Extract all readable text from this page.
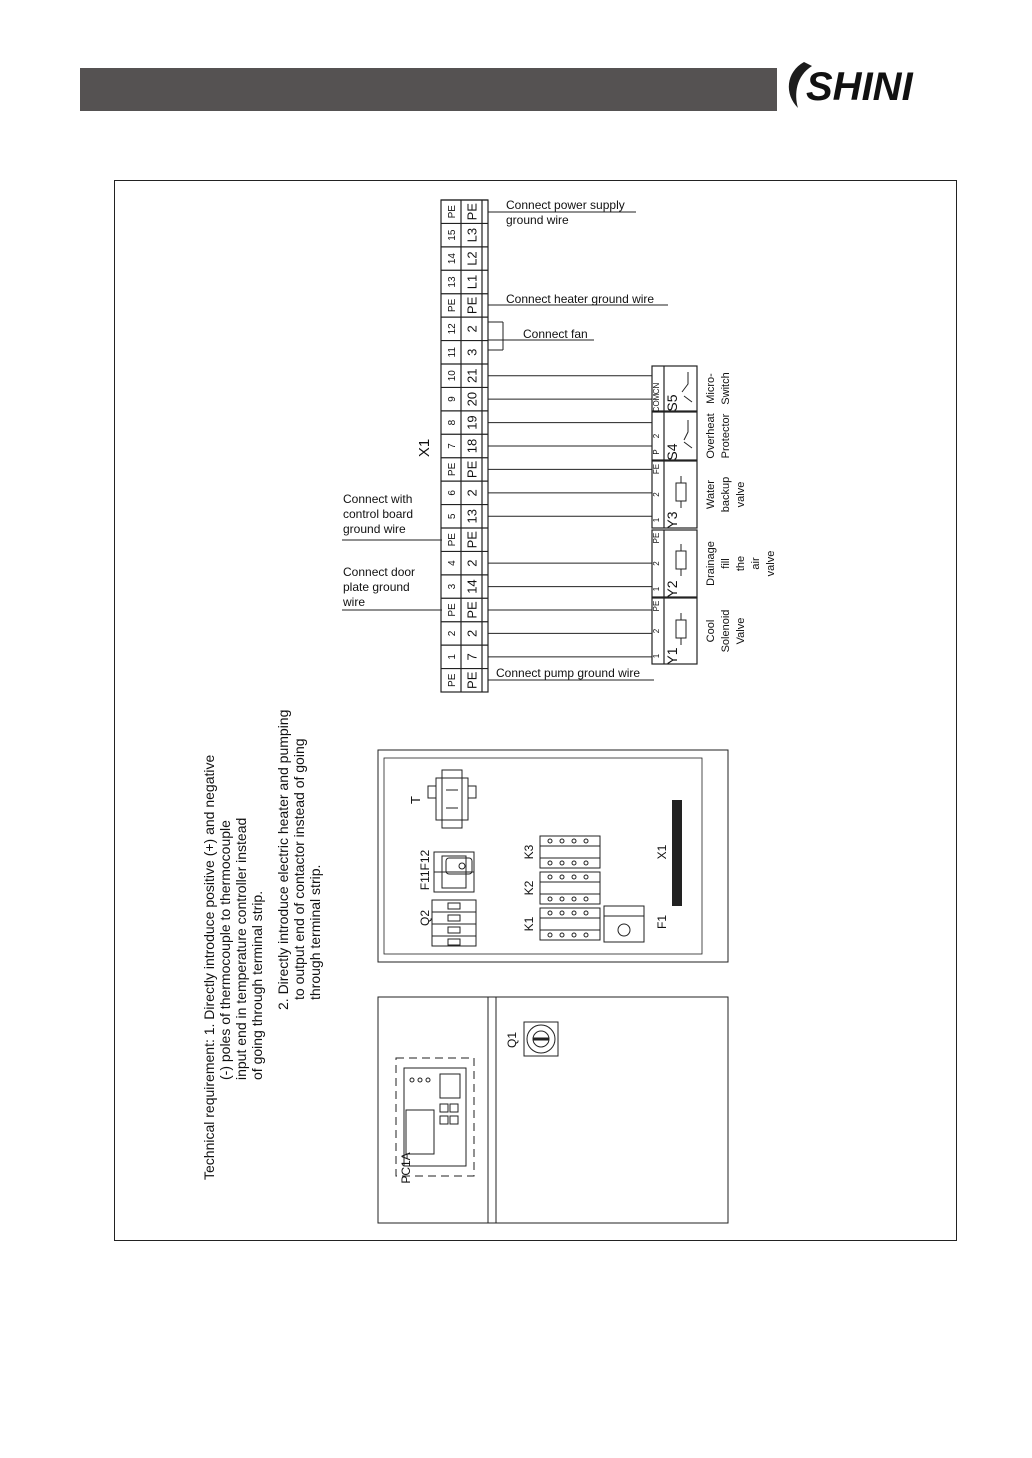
SHINI
PE PE
1 7
2 2
PE PE
3 14
4 2
PE PE
5 13
6 2
PE PE
7 18
8 19
9 20
10 21
11 3
12 2
PE PE
13 L1
14 L2
15 L3
PE PE
X1
Connect power supply
ground wire
Connect heater ground wire
Connect fan
Connect pump ground wire
Connect with
control board
ground wire
Connect door
plate ground
wire
Y1
1
2
PE
Cool Solenoid Valve
Y2
1
2
PE
Drainage fill the air valve
Y3
1
2
FE
Water backup valve
S4
P
2	Overheat Protector
S5
COM
CN	Micro- Switch
Technical requirement: 1. Directly introduce positive (+) and negative (-) poles of thermocouple to thermocouple input end in temperature controller instead of going through terminal strip. 2. Directly introduce electric heater and pumping to output end of contactor instead of going through terminal strip.
T
F11F12
Q2
K3
K2
K1	F1
X1
PC1A
Q1
